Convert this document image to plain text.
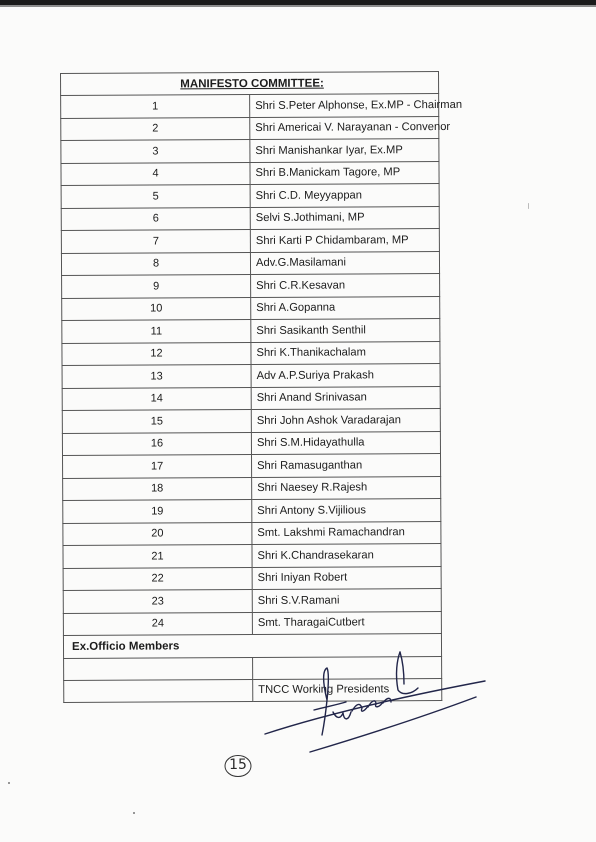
MANIFESTO COMMITTEE:	
1	Shri S.Peter Alphonse, Ex.MP - Chairman
2	Shri Americai V. Narayanan - Convenor
3	Shri Manishankar Iyar, Ex.MP
4	Shri B.Manickam Tagore, MP
5	Shri C.D. Meyyappan
6	Selvi S.Jothimani, MP
7	Shri Karti P Chidambaram, MP
8	Adv.G.Masilamani
9	Shri C.R.Kesavan
10	Shri A.Gopanna
11	Shri Sasikanth Senthil
12	Shri K.Thanikachalam
13	Adv A.P.Suriya Prakash
14	Shri Anand Srinivasan
15	Shri John Ashok Varadarajan
16	Shri S.M.Hidayathulla
17	Shri Ramasuganthan
18	Shri Naesey R.Rajesh
19	Shri Antony S.Vijilious
20	Smt. Lakshmi Ramachandran
21	Shri K.Chandrasekaran
22	Shri Iniyan Robert
23	Shri S.V.Ramani
24	Smt. TharagaiCutbert
Ex.Officio Members	

	TNCC Working Presidents
15
